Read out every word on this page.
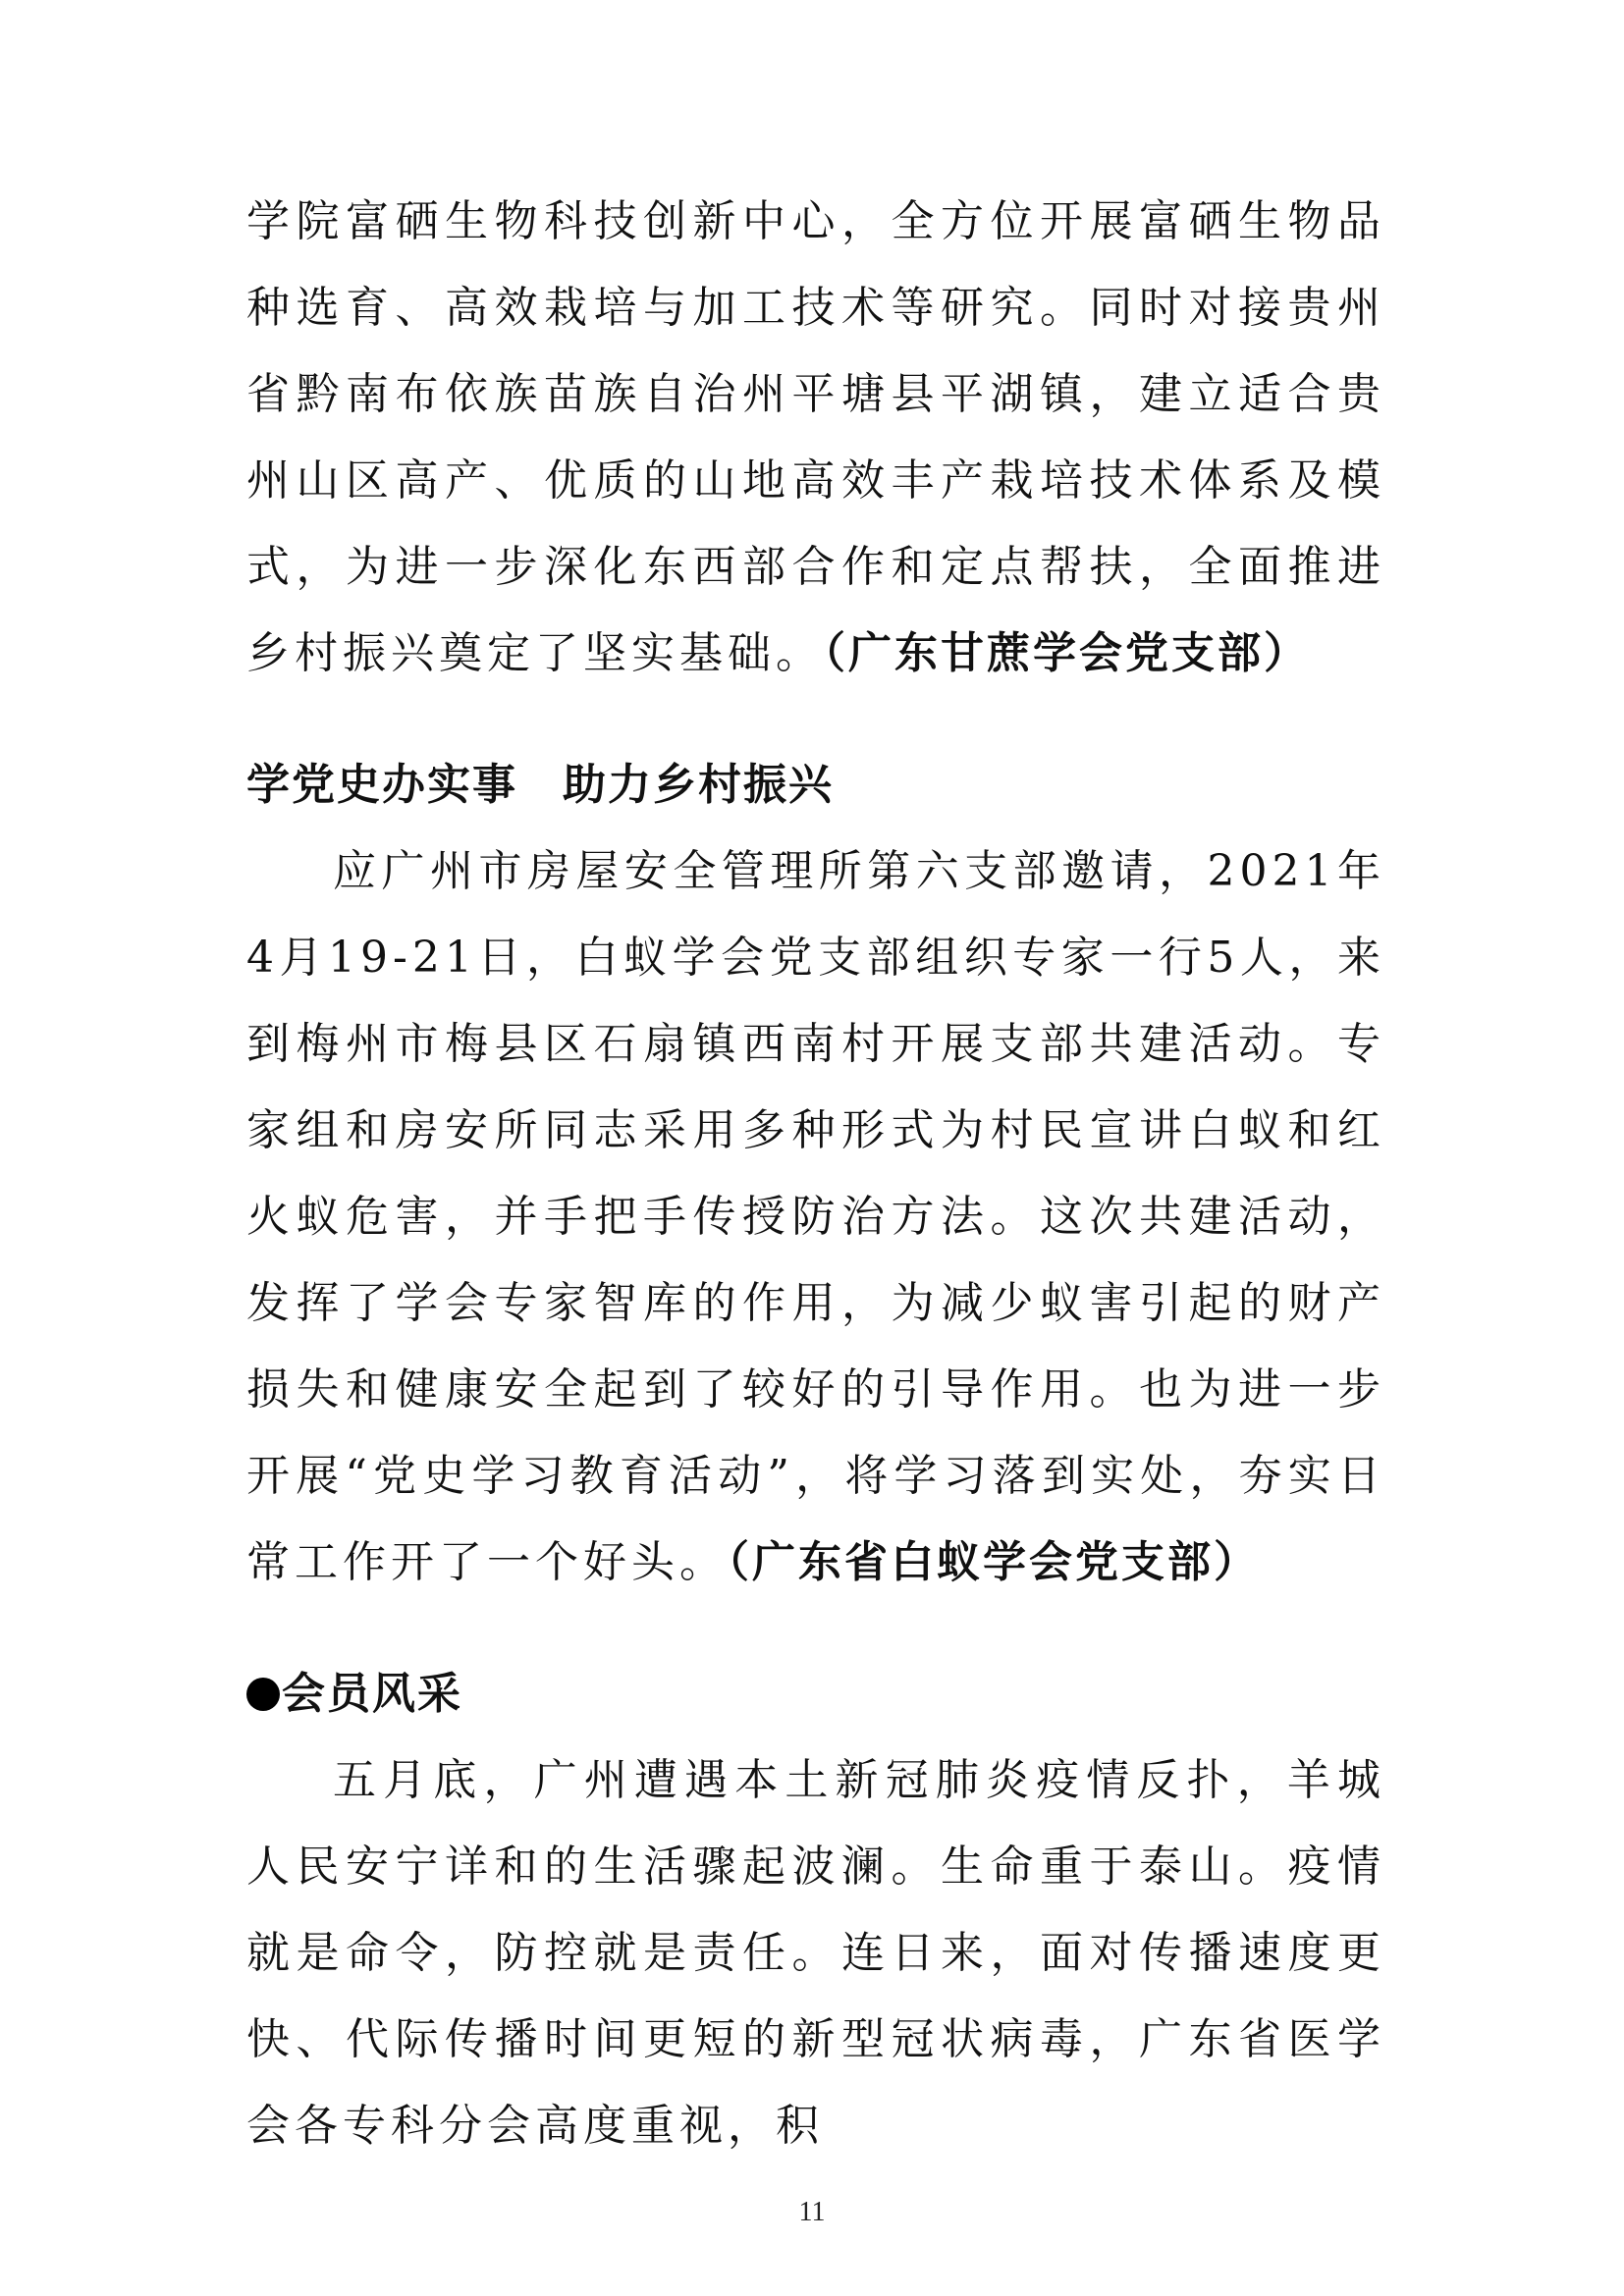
学院富硒生物科技创新中心，全方位开展富硒生物品种选育、高效栽培与加工技术等研究。同时对接贵州省黔南布依族苗族自治州平塘县平湖镇，建立适合贵州山区高产、优质的山地高效丰产栽培技术体系及模式，为进一步深化东西部合作和定点帮扶，全面推进乡村振兴奠定了坚实基础。（广东甘蔗学会党支部）

学党史办实事　助力乡村振兴

应广州市房屋安全管理所第六支部邀请，2021年4月19-21日，白蚁学会党支部组织专家一行5人，来到梅州市梅县区石扇镇西南村开展支部共建活动。专家组和房安所同志采用多种形式为村民宣讲白蚁和红火蚁危害，并手把手传授防治方法。这次共建活动，发挥了学会专家智库的作用，为减少蚁害引起的财产损失和健康安全起到了较好的引导作用。也为进一步开展“党史学习教育活动”，将学习落到实处，夯实日常工作开了一个好头。（广东省白蚁学会党支部）

会员风采

五月底，广州遭遇本土新冠肺炎疫情反扑，羊城人民安宁详和的生活骤起波澜。生命重于泰山。疫情就是命令，防控就是责任。连日来，面对传播速度更快、代际传播时间更短的新型冠状病毒，广东省医学会各专科分会高度重视，积

11
